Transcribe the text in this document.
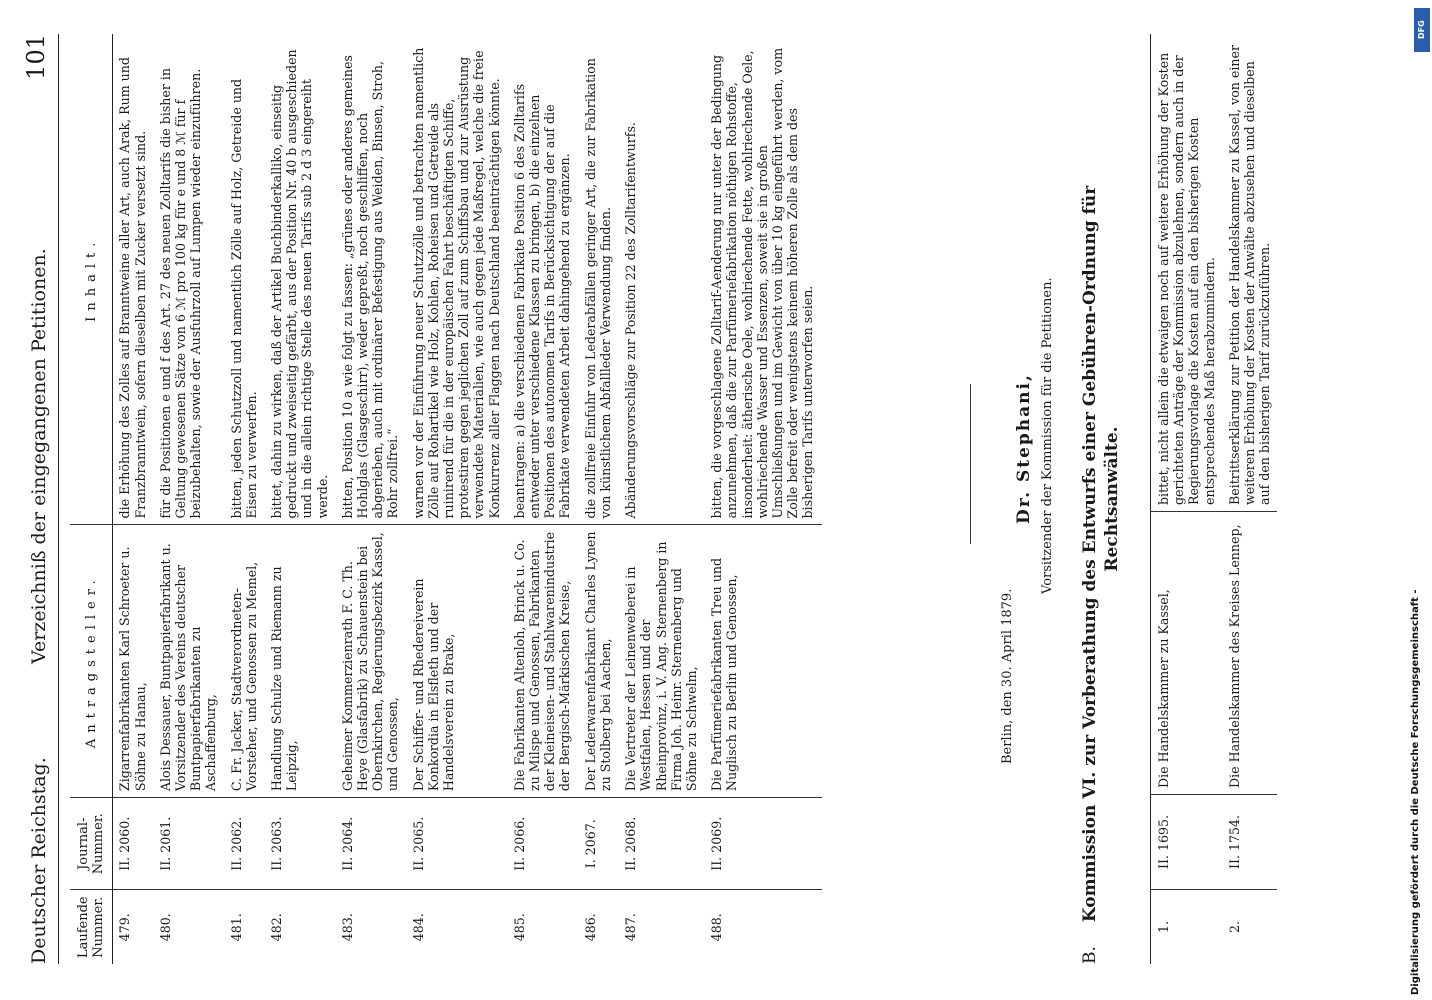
Deutscher Reichstag.
Verzeichniß der eingegangenen Petitionen.
101
Laufende Nummer.	Journal-Nummer.	Antragsteller.	Inhalt.
479.	II. 2060.	Zigarrenfabrikanten Karl Schroeter u. Söhne zu Hanau,	die Erhöhung des Zolles auf Branntweine aller Art, auch Arak, Rum und Franzbranntwein, sofern dieselben mit Zucker versetzt sind.
480.	II. 2061.	Alois Dessauer, Buntpapierfabrikant u. Vorsitzender des Vereins deutscher Buntpapierfabrikanten zu Aschaffenburg,	für die Positionen e und f des Art. 27 des neuen Zolltarifs die bisher in Geltung gewesenen Sätze von 6 ℳ pro 100 kg für e und 8 ℳ für f beizubehalten, sowie der Ausfuhrzoll auf Lumpen wieder einzuführen.
481.	II. 2062.	C. Fr. Jacker, Stadtverordneten-Vorsteher, und Genossen zu Memel,	bitten, jeden Schutzzoll und namentlich Zölle auf Holz, Getreide und Eisen zu verwerfen.
482.	II. 2063.	Handlung Schulze und Riemann zu Leipzig,	bittet, dahin zu wirken, daß der Artikel Buchbinderkalliko, einseitig gedruckt und zweiseitig gefärbt, aus der Position Nr. 40 b ausgeschieden und in die allein richtige Stelle des neuen Tarifs sub 2 d 3 eingereiht werde.
483.	II. 2064.	Geheimer Kommerzienrath F. C. Th. Heye (Glasfabrik) zu Schauenstein bei Obernkirchen, Regierungsbezirk Kassel, und Genossen,	bitten, Position 10 a wie folgt zu fassen: „grünes oder anderes gemeines Hohlglas (Glasgeschirr), weder gepreßt, noch geschliffen, noch abgerieben, auch mit ordinärer Befestigung aus Weiden, Binsen, Stroh, Rohr zollfrei.“
484.	II. 2065.	Der Schiffer- und Rhedereiverein Konkordia in Elsfleth und der Handelsverein zu Brake,	warnen vor der Einführung neuer Schutzzölle und betrachten namentlich Zölle auf Rohartikel wie Holz, Kohlen, Roheisen und Getreide als ruinirend für die in der europäischen Fahrt beschäftigten Schiffe, protestiren gegen jeglichen Zoll auf zum Schiffsbau und zur Ausrüstung verwendete Materialien, wie auch gegen jede Maßregel, welche die freie Konkurrenz aller Flaggen nach Deutschland beeinträchtigen könnte.
485.	II. 2066.	Die Fabrikanten Altenloh, Brinck u. Co. zu Milspe und Genossen, Fabrikanten der Kleineisen- und Stahlwarenindustrie der Bergisch-Märkischen Kreise,	beantragen: a) die verschiedenen Fabrikate Position 6 des Zolltarifs entweder unter verschiedene Klassen zu bringen, b) die einzelnen Positionen des autonomen Tarifs in Berücksichtigung der auf die Fabrikate verwendeten Arbeit dahingehend zu ergänzen.
486.	I. 2067.	Der Lederwarenfabrikant Charles Lynen zu Stolberg bei Aachen,	die zollfreie Einfuhr von Lederabfällen geringer Art, die zur Fabrikation von künstlichem Abfallleder Verwendung finden.
487.	II. 2068.	Die Vertreter der Leinenweberei in Westfalen, Hessen und der Rheinprovinz, i. V. Ang. Sternenberg in Firma Joh. Heinr. Sternenberg und Söhne zu Schwelm,	Abänderungsvorschläge zur Position 22 des Zolltarifentwurfs.
488.	II. 2069.	Die Parfümeriefabrikanten Treu und Nuglisch zu Berlin und Genossen,	bitten, die vorgeschlagene Zolltarif-Aenderung nur unter der Bedingung anzunehmen, daß die zur Parfümeriefabrikation nöthigen Rohstoffe, insonderheit: ätherische Oele, wohlriechende Fette, wohlriechende Oele, wohlriechende Wasser und Essenzen, soweit sie in großen Umschließungen und im Gewicht von über 10 kg eingeführt werden, vom Zolle befreit oder wenigstens keinem höheren Zolle als dem des bisherigen Tarifs unterworfen seien.
Berlin, den 30. April 1879.
Dr. Stephani, Vorsitzender der Kommission für die Petitionen.
B. Kommission VI. zur Vorberathung des Entwurfs einer Gebühren-Ordnung für Rechtsanwälte.
1.	II. 1695.	Die Handelskammer zu Kassel,	bittet, nicht allein die etwaigen noch auf weitere Erhöhung der Kosten gerichteten Anträge der Kommission abzulehnen, sondern auch in der Regierungsvorlage die Kosten auf ein den bisherigen Kosten entsprechendes Maß herabzumindern.
2.	II. 1754.	Die Handelskammer des Kreises Lennep,	Beitrittserklärung zur Petition der Handelskammer zu Kassel, von einer weiteren Erhöhung der Kosten der Anwälte abzusehen und dieselben auf den bisherigen Tarif zurückzuführen.
Digitalisierung gefördert durch die Deutsche Forschungsgemeinschaft -
DFG
